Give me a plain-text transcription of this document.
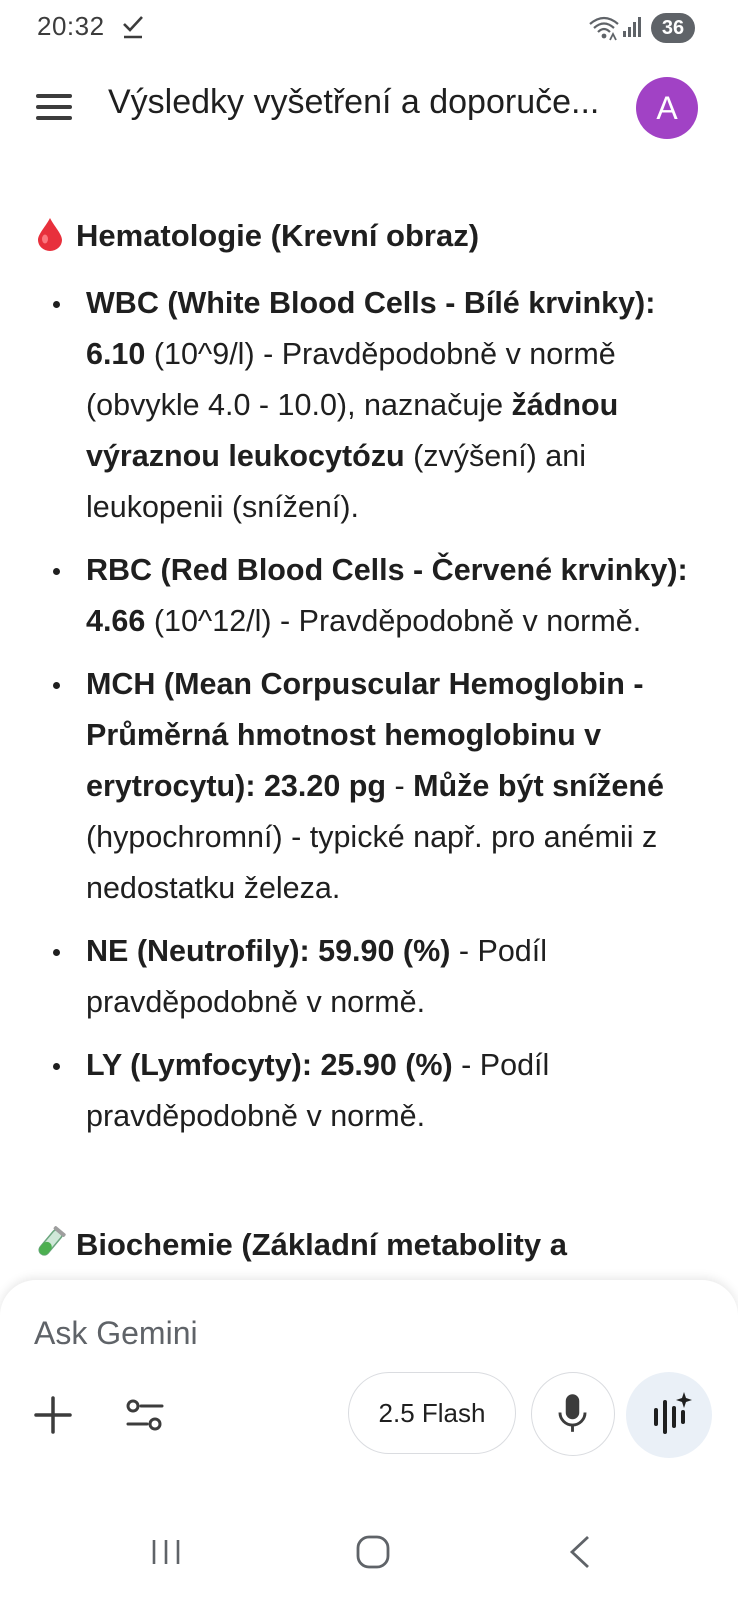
20:32	36
Výsledky vyšetření a doporuče...	A
Hematologie (Krevní obraz)
WBC (White Blood Cells - Bílé krvinky): 6.10 (10^9/l) - Pravděpodobně v normě (obvykle 4.0 - 10.0), naznačuje žádnou výraznou leukocytózu (zvýšení) ani leukopenii (snížení).
RBC (Red Blood Cells - Červené krvinky): 4.66 (10^12/l) - Pravděpodobně v normě.
MCH (Mean Corpuscular Hemoglobin - Průměrná hmotnost hemoglobinu v erytrocytu): 23.20 pg - Může být snížené (hypochromní) - typické např. pro anémii z nedostatku železa.
NE (Neutrofily): 59.90 (%) - Podíl pravděpodobně v normě.
LY (Lymfocyty): 25.90 (%) - Podíl pravděpodobně v normě.
Biochemie (Základní metabolity a
Ask Gemini
2.5 Flash
